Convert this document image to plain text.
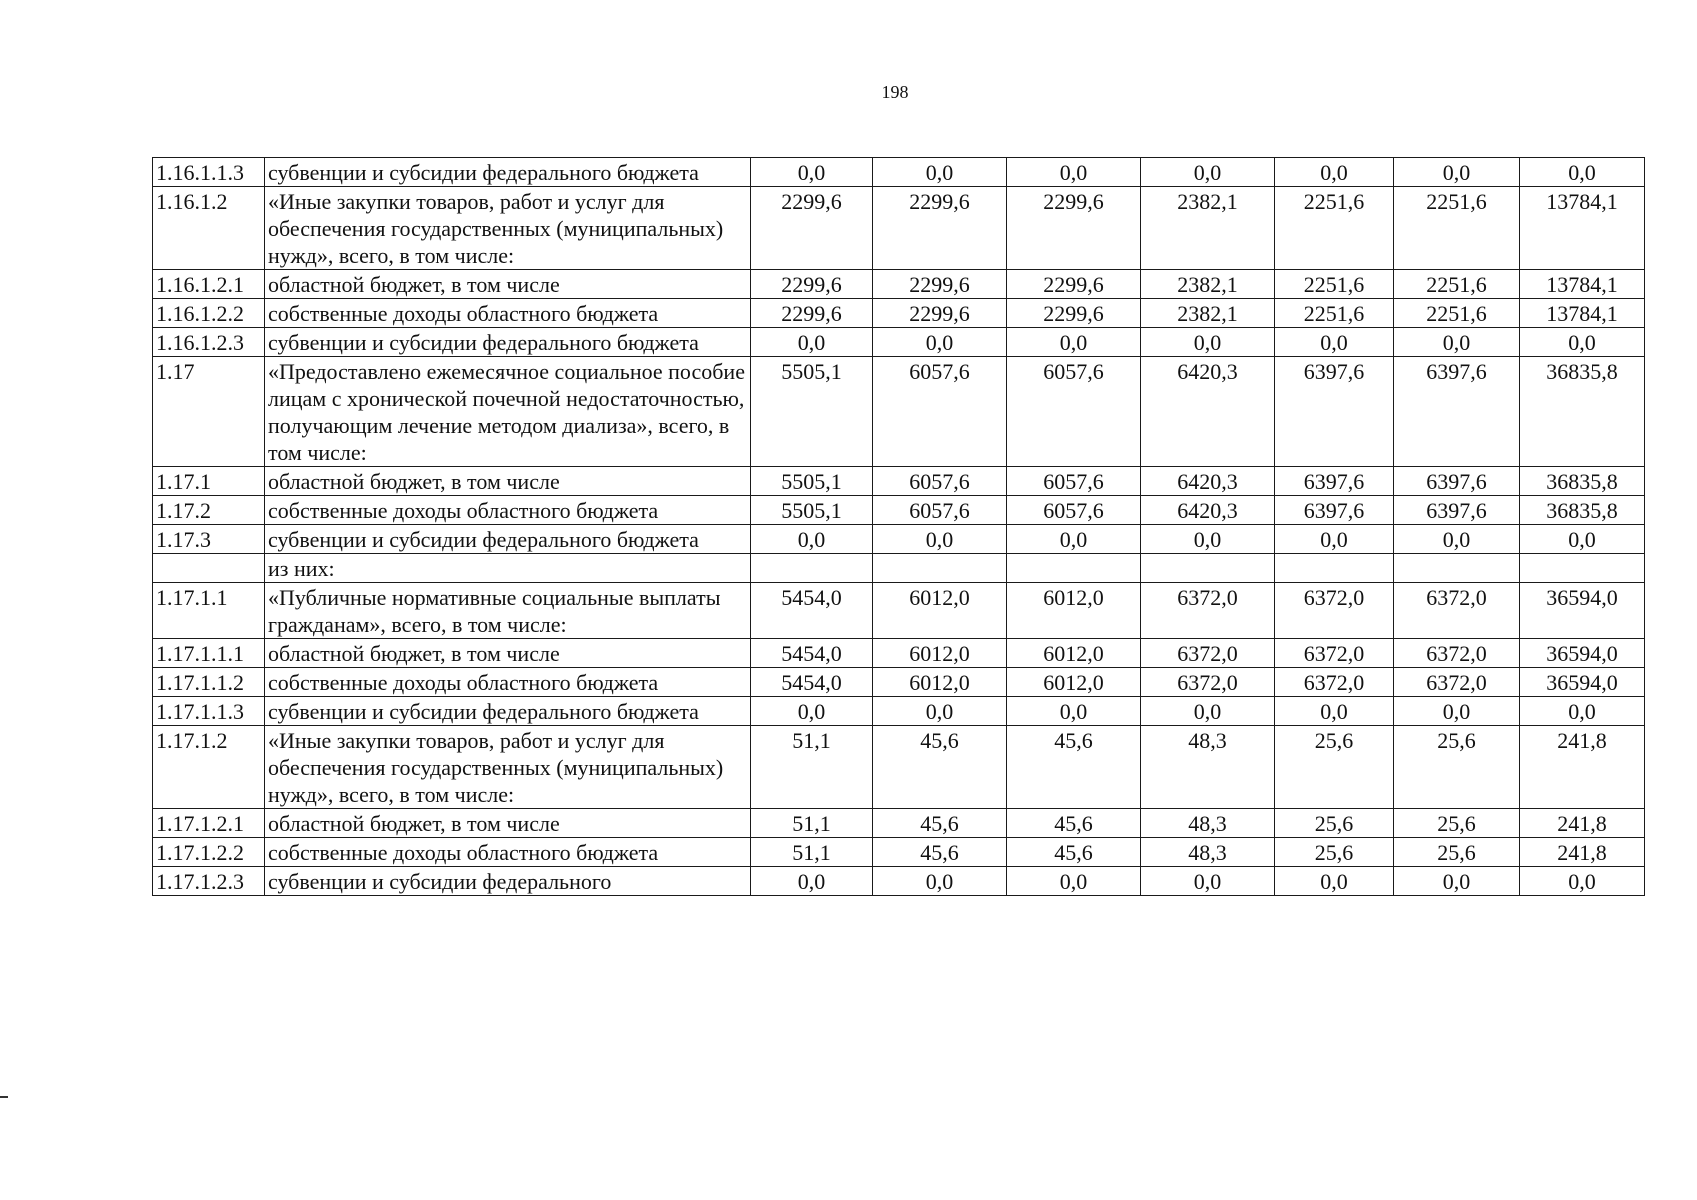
198
1.16.1.1.3	субвенции и субсидии федерального бюджета	0,0	0,0	0,0	0,0	0,0	0,0	0,0
1.16.1.2	«Иные закупки товаров, работ и услуг для обеспечения государственных (муниципальных) нужд», всего, в том числе:	2299,6	2299,6	2299,6	2382,1	2251,6	2251,6	13784,1
1.16.1.2.1	областной бюджет, в том числе	2299,6	2299,6	2299,6	2382,1	2251,6	2251,6	13784,1
1.16.1.2.2	собственные доходы областного бюджета	2299,6	2299,6	2299,6	2382,1	2251,6	2251,6	13784,1
1.16.1.2.3	субвенции и субсидии федерального бюджета	0,0	0,0	0,0	0,0	0,0	0,0	0,0
1.17	«Предоставлено ежемесячное социальное пособие лицам с хронической почечной недостаточностью, получающим лечение методом диализа», всего, в том числе:	5505,1	6057,6	6057,6	6420,3	6397,6	6397,6	36835,8
1.17.1	областной бюджет, в том числе	5505,1	6057,6	6057,6	6420,3	6397,6	6397,6	36835,8
1.17.2	собственные доходы областного бюджета	5505,1	6057,6	6057,6	6420,3	6397,6	6397,6	36835,8
1.17.3	субвенции и субсидии федерального бюджета	0,0	0,0	0,0	0,0	0,0	0,0	0,0
	из них:							
1.17.1.1	«Публичные нормативные социальные выплаты гражданам», всего, в том числе:	5454,0	6012,0	6012,0	6372,0	6372,0	6372,0	36594,0
1.17.1.1.1	областной бюджет, в том числе	5454,0	6012,0	6012,0	6372,0	6372,0	6372,0	36594,0
1.17.1.1.2	собственные доходы областного бюджета	5454,0	6012,0	6012,0	6372,0	6372,0	6372,0	36594,0
1.17.1.1.3	субвенции и субсидии федерального бюджета	0,0	0,0	0,0	0,0	0,0	0,0	0,0
1.17.1.2	«Иные закупки товаров, работ и услуг для обеспечения государственных (муниципальных) нужд», всего, в том числе:	51,1	45,6	45,6	48,3	25,6	25,6	241,8
1.17.1.2.1	областной бюджет, в том числе	51,1	45,6	45,6	48,3	25,6	25,6	241,8
1.17.1.2.2	собственные доходы областного бюджета	51,1	45,6	45,6	48,3	25,6	25,6	241,8
1.17.1.2.3	субвенции и субсидии федерального	0,0	0,0	0,0	0,0	0,0	0,0	0,0
